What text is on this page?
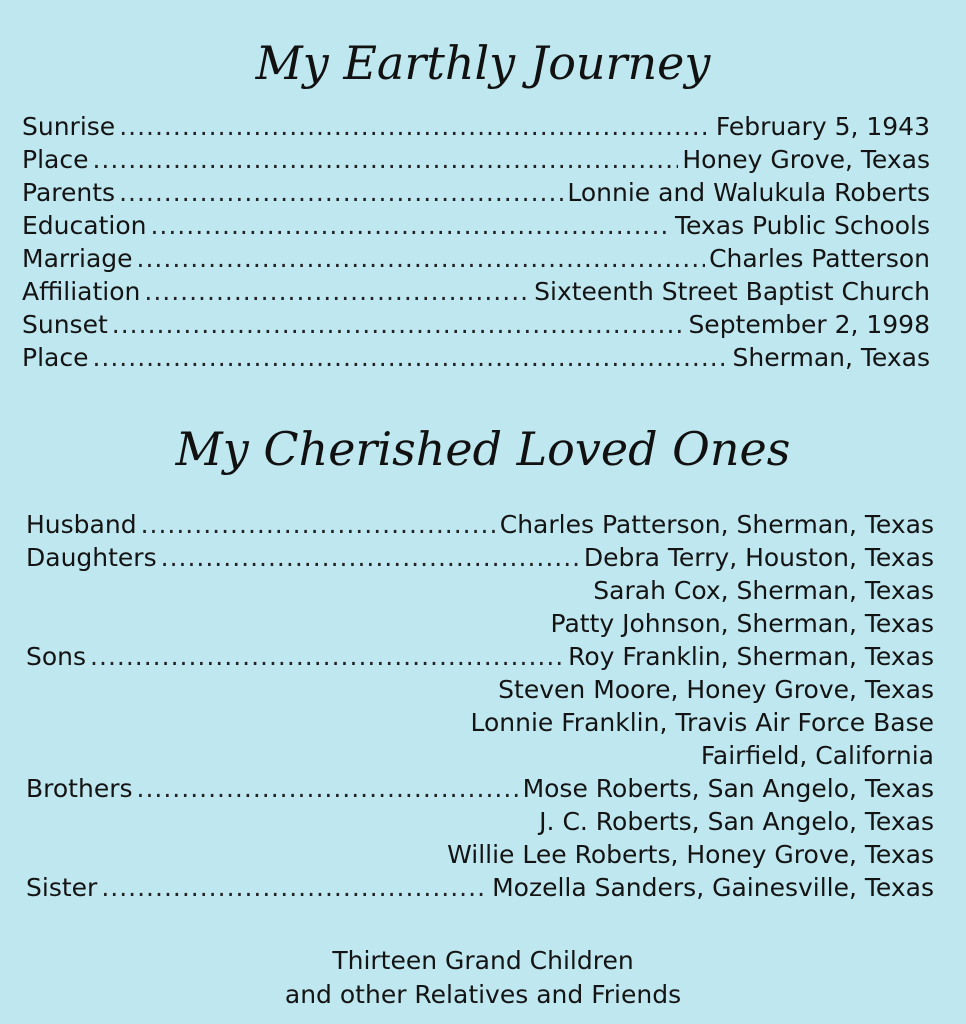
My Earthly Journey
Sunrise .....	February 5, 1943
Place .....	Honey Grove, Texas
Parents .....	Lonnie and Walukula Roberts
Education .....	Texas Public Schools
Marriage .....	Charles Patterson
Affiliation .....	Sixteenth Street Baptist Church
Sunset .....	September 2, 1998
Place .....	Sherman, Texas
My Cherished Loved Ones
Husband .....	Charles Patterson, Sherman, Texas
Daughters .....	Debra Terry, Houston, Texas
Sarah Cox, Sherman, Texas
Patty Johnson, Sherman, Texas
Sons .....	Roy Franklin, Sherman, Texas
Steven Moore, Honey Grove, Texas
Lonnie Franklin, Travis Air Force Base
Fairfield, California
Brothers .....	Mose Roberts, San Angelo, Texas
J. C. Roberts, San Angelo, Texas
Willie Lee Roberts, Honey Grove, Texas
Sister .....	Mozella Sanders, Gainesville, Texas

Thirteen Grand Children

and other Relatives and Friends
